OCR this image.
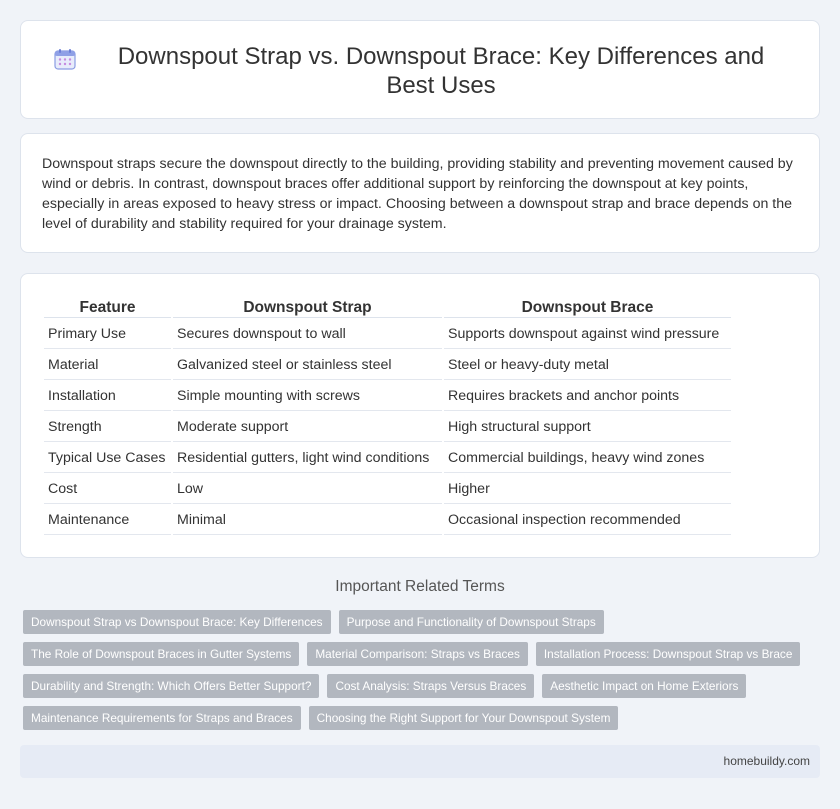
Downspout Strap vs. Downspout Brace: Key Differences and Best Uses

Downspout straps secure the downspout directly to the building, providing stability and preventing movement caused by wind or debris. In contrast, downspout braces offer additional support by reinforcing the downspout at key points, especially in areas exposed to heavy stress or impact. Choosing between a downspout strap and brace depends on the level of durability and stability required for your drainage system.

Feature	Downspout Strap	Downspout Brace
Primary Use	Secures downspout to wall	Supports downspout against wind pressure
Material	Galvanized steel or stainless steel	Steel or heavy-duty metal
Installation	Simple mounting with screws	Requires brackets and anchor points
Strength	Moderate support	High structural support
Typical Use Cases	Residential gutters, light wind conditions	Commercial buildings, heavy wind zones
Cost	Low	Higher
Maintenance	Minimal	Occasional inspection recommended
Important Related Terms
Downspout Strap vs Downspout Brace: Key Differences	Purpose and Functionality of Downspout Straps
The Role of Downspout Braces in Gutter Systems	Material Comparison: Straps vs Braces	Installation Process: Downspout Strap vs Brace
Durability and Strength: Which Offers Better Support?	Cost Analysis: Straps Versus Braces	Aesthetic Impact on Home Exteriors
Maintenance Requirements for Straps and Braces	Choosing the Right Support for Your Downspout System
homebuildy.com
